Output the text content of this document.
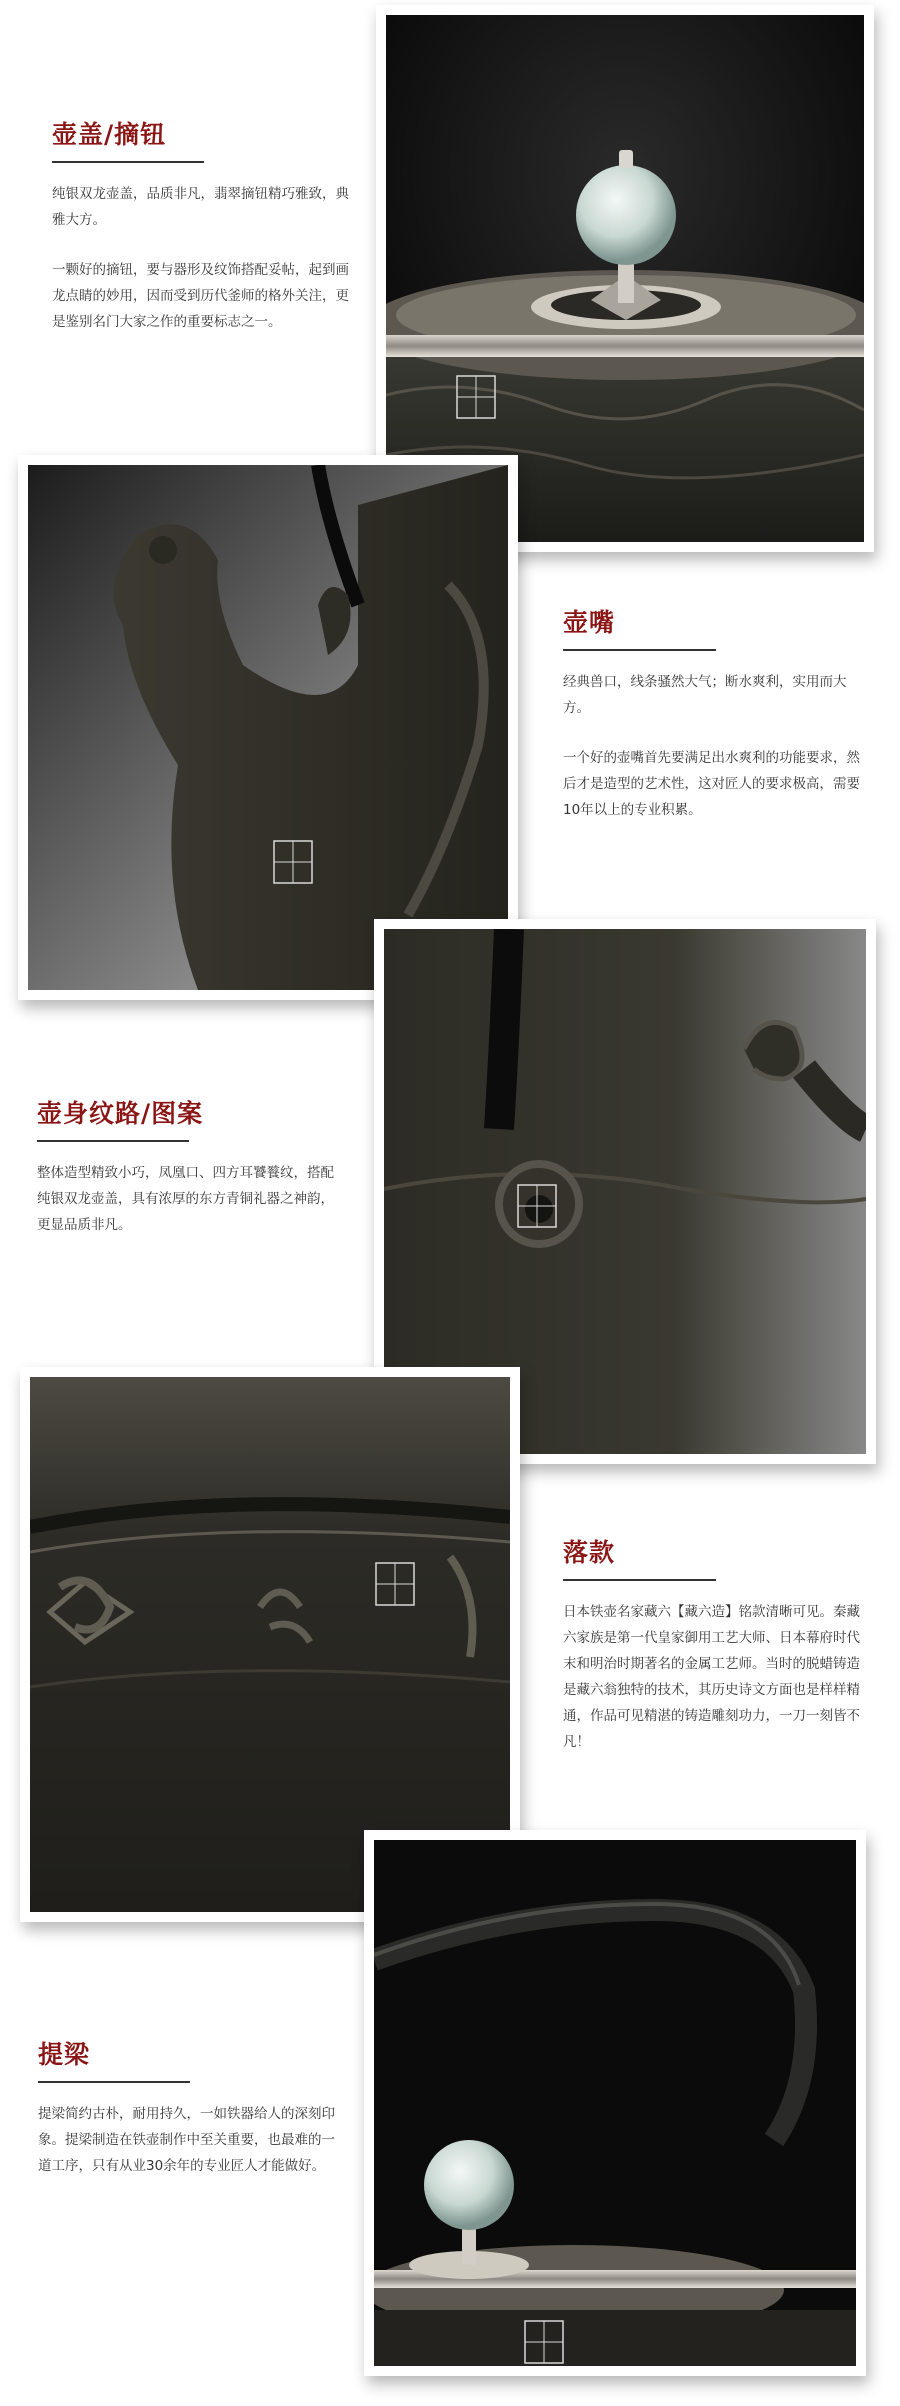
壶盖/摘钮

纯银双龙壶盖，品质非凡，翡翠摘钮精巧雅致，典雅大方。

一颗好的摘钮，要与器形及纹饰搭配妥帖，起到画龙点睛的妙用，因而受到历代釜师的格外关注，更是鉴别名门大家之作的重要标志之一。

壶嘴

经典兽口，线条骚然大气；断水爽利，实用而大方。

一个好的壶嘴首先要满足出水爽利的功能要求，然后才是造型的艺术性，这对匠人的要求极高，需要10年以上的专业积累。

壶身纹路/图案

整体造型精致小巧，凤凰口、四方耳饕餮纹，搭配纯银双龙壶盖，具有浓厚的东方青铜礼器之神韵，更显品质非凡。

落款

日本铁壶名家藏六【藏六造】铭款清晰可见。秦藏六家族是第一代皇家御用工艺大师、日本幕府时代末和明治时期著名的金属工艺师。当时的脱蜡铸造是藏六翁独特的技术，其历史诗文方面也是样样精通，作品可见精湛的铸造雕刻功力，一刀一刻皆不凡！

提梁

提梁简约古朴，耐用持久，一如铁器给人的深刻印象。提梁制造在铁壶制作中至关重要，也最难的一道工序，只有从业30余年的专业匠人才能做好。
